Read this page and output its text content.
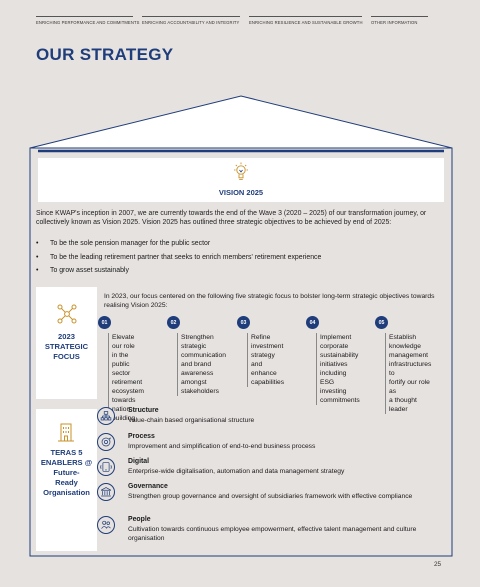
ENRICHING PERFORMANCE AND COMMITMENTS ENRICHING ACCOUNTABILITY AND INTEGRITY ENRICHING RESILIENCE AND SUSTAINABLE GROWTH OTHER INFORMATION
OUR STRATEGY
VISION 2025

Since KWAP's inception in 2007, we are currently towards the end of the Wave 3 (2020 – 2025) of our transformation journey, or collectively known as Vision 2025. Vision 2025 has outlined three strategic objectives to be achieved by end of 2025:

• To be the sole pension manager for the public sector
• To be the leading retirement partner that seeks to enrich members' retirement experience
• To grow asset sustainably
2023
STRATEGIC
FOCUS

In 2023, our focus centered on the following five strategic focus to bolster long-term strategic objectives towards realising Vision 2025:

01
Elevate our role
in the public
sector retirement
ecosystem
towards nation
building
02
Strengthen
strategic
communication
and brand
awareness
amongst
stakeholders
03
Refine
investment
strategy and
enhance
capabilities
04
Implement
corporate
sustainability
initiatives
including
ESG investing
commitments
05
Establish
knowledge
management
infrastructures to
fortify our role as
a thought leader
TERAS 5
ENABLERS @
Future-
Ready
Organisation
Structure
Value-chain based organisational structure
Process
Improvement and simplification of end-to-end business process
Digital
Enterprise-wide digitalisation, automation and data management strategy
Governance
Strengthen group governance and oversight of subsidiaries framework with effective compliance
People
Cultivation towards continuous employee empowerment, effective talent management and culture organisation
25
